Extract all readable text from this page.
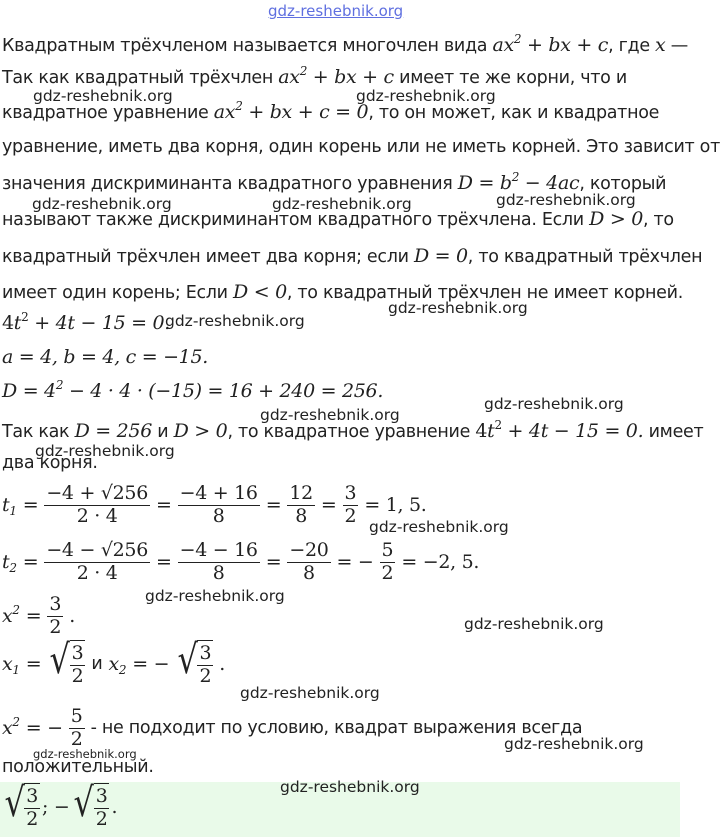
gdz-reshebnik.org
Квадратным трёхчленом называется многочлен вида $ax^2$ + bx + c, где x —
Так как квадратный трёхчлен $ax^2$ + bx + c имеет те же корни, что и
gdz-reshebnik.org	gdz-reshebnik.org
квадратное уравнение $ax^2$ + bx + c = 0, то он может, как и квадратное
уравнение, иметь два корня, один корень или не иметь корней. Это зависит от
значения дискриминанта квадратного уравнения $D = b^2 - 4ac$, который
gdz-reshebnik.org	gdz-reshebnik.org	gdz-reshebnik.org
называют также дискриминантом квадратного трёхчлена. Если D > 0, то
квадратный трёхчлен имеет два корня; если D = 0, то квадратный трёхчлен
имеет один корень; Если D < 0, то квадратный трёхчлен не имеет корней.
gdz-reshebnik.org
$4t^2 + 4t - 15 = 0$.
gdz-reshebnik.org
a = 4, b = 4, c = −15.
$D = 4^2 - 4 \cdot 4 \cdot (-15) = 16 + 240 = 256$.
gdz-reshebnik.org
gdz-reshebnik.org
Так как D = 256 и D > 0, то квадратное уравнение $4t^2 + 4t - 15 = 0$. имеет
два корня.
gdz-reshebnik.org
$t_1 = \frac{-4 + √256}{2 \cdot 4} = \frac{-4 + 16}{8} = \frac{12}{8} = \frac{3}{2} = 1$, 5.
gdz-reshebnik.org
$t_2 = \frac{-4 - √256}{2 \cdot 4} = \frac{-4 - 16}{8} = \frac{-20}{8}$ = − $\frac{5}{2} = -2$, 5.
gdz-reshebnik.org
$x^2 = \frac{3}{2}$ .	gdz-reshebnik.org
$x_1$ = √ $\frac{3}{2}$ и $x_2$ = − √ $\frac{3}{2}$ .
gdz-reshebnik.org
$x^2$ = − $\frac{5}{2}$ - не подходит по условию, квадрат выражения всегда
gdz-reshebnik.org
gdz-reshebnik.org
положительный.
√ $\frac{3}{2}$ ; − √ $\frac{3}{2}$ .
gdz-reshebnik.org
